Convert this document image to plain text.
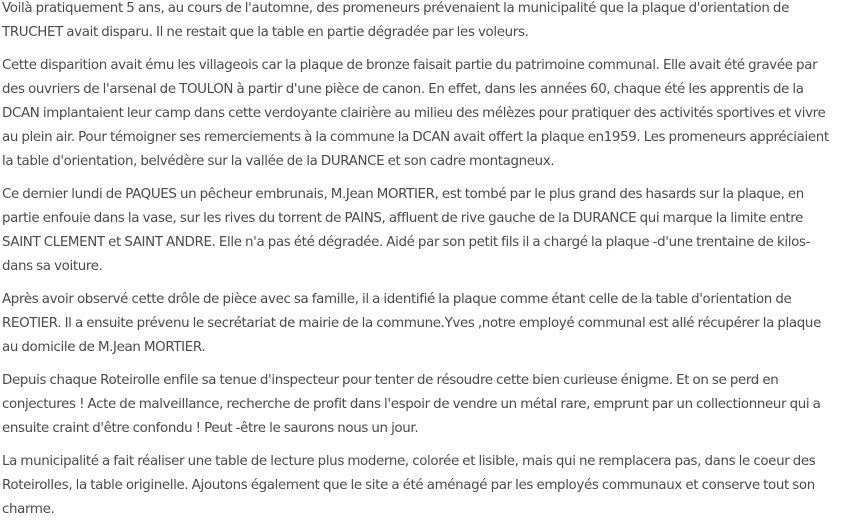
Voilà pratiquement 5 ans, au cours de l'automne, des promeneurs prévenaient la municipalité que la plaque d'orientation de TRUCHET avait disparu. Il ne restait que la table en partie dégradée par les voleurs.

Cette disparition avait ému les villageois car la plaque de bronze faisait partie du patrimoine communal. Elle avait été gravée par des ouvriers de l'arsenal de TOULON à partir d'une pièce de canon. En effet, dans les années 60, chaque été les apprentis de la DCAN implantaient leur camp dans cette verdoyante clairière au milieu des mélèzes pour pratiquer des activités sportives et vivre au plein air. Pour témoigner ses remerciements à la commune la DCAN avait offert la plaque en1959. Les promeneurs appréciaient la table d'orientation, belvédère sur la vallée de la DURANCE et son cadre montagneux.

Ce dernier lundi de PAQUES un pêcheur embrunais, M.Jean MORTIER, est tombé par le plus grand des hasards sur la plaque, en partie enfouie dans la vase, sur les rives du torrent de PAINS, affluent de rive gauche de la DURANCE qui marque la limite entre SAINT CLEMENT et SAINT ANDRE. Elle n'a pas été dégradée. Aidé par son petit fils il a chargé la plaque -d'une trentaine de kilos- dans sa voiture.

Après avoir observé cette drôle de pièce avec sa famille, il a identifié la plaque comme étant celle de la table d'orientation de REOTIER. Il a ensuite prévenu le secrétariat de mairie de la commune.Yves ,notre employé communal est allé récupérer la plaque au domicile de M.Jean MORTIER.

Depuis chaque Roteirolle enfile sa tenue d'inspecteur pour tenter de résoudre cette bien curieuse énigme. Et on se perd en conjectures ! Acte de malveillance, recherche de profit dans l'espoir de vendre un métal rare, emprunt par un collectionneur qui a ensuite craint d'être confondu ! Peut -être le saurons nous un jour.

La municipalité a fait réaliser une table de lecture plus moderne, colorée et lisible, mais qui ne remplacera pas, dans le coeur des Roteirolles, la table originelle. Ajoutons également que le site a été aménagé par les employés communaux et conserve tout son charme.
